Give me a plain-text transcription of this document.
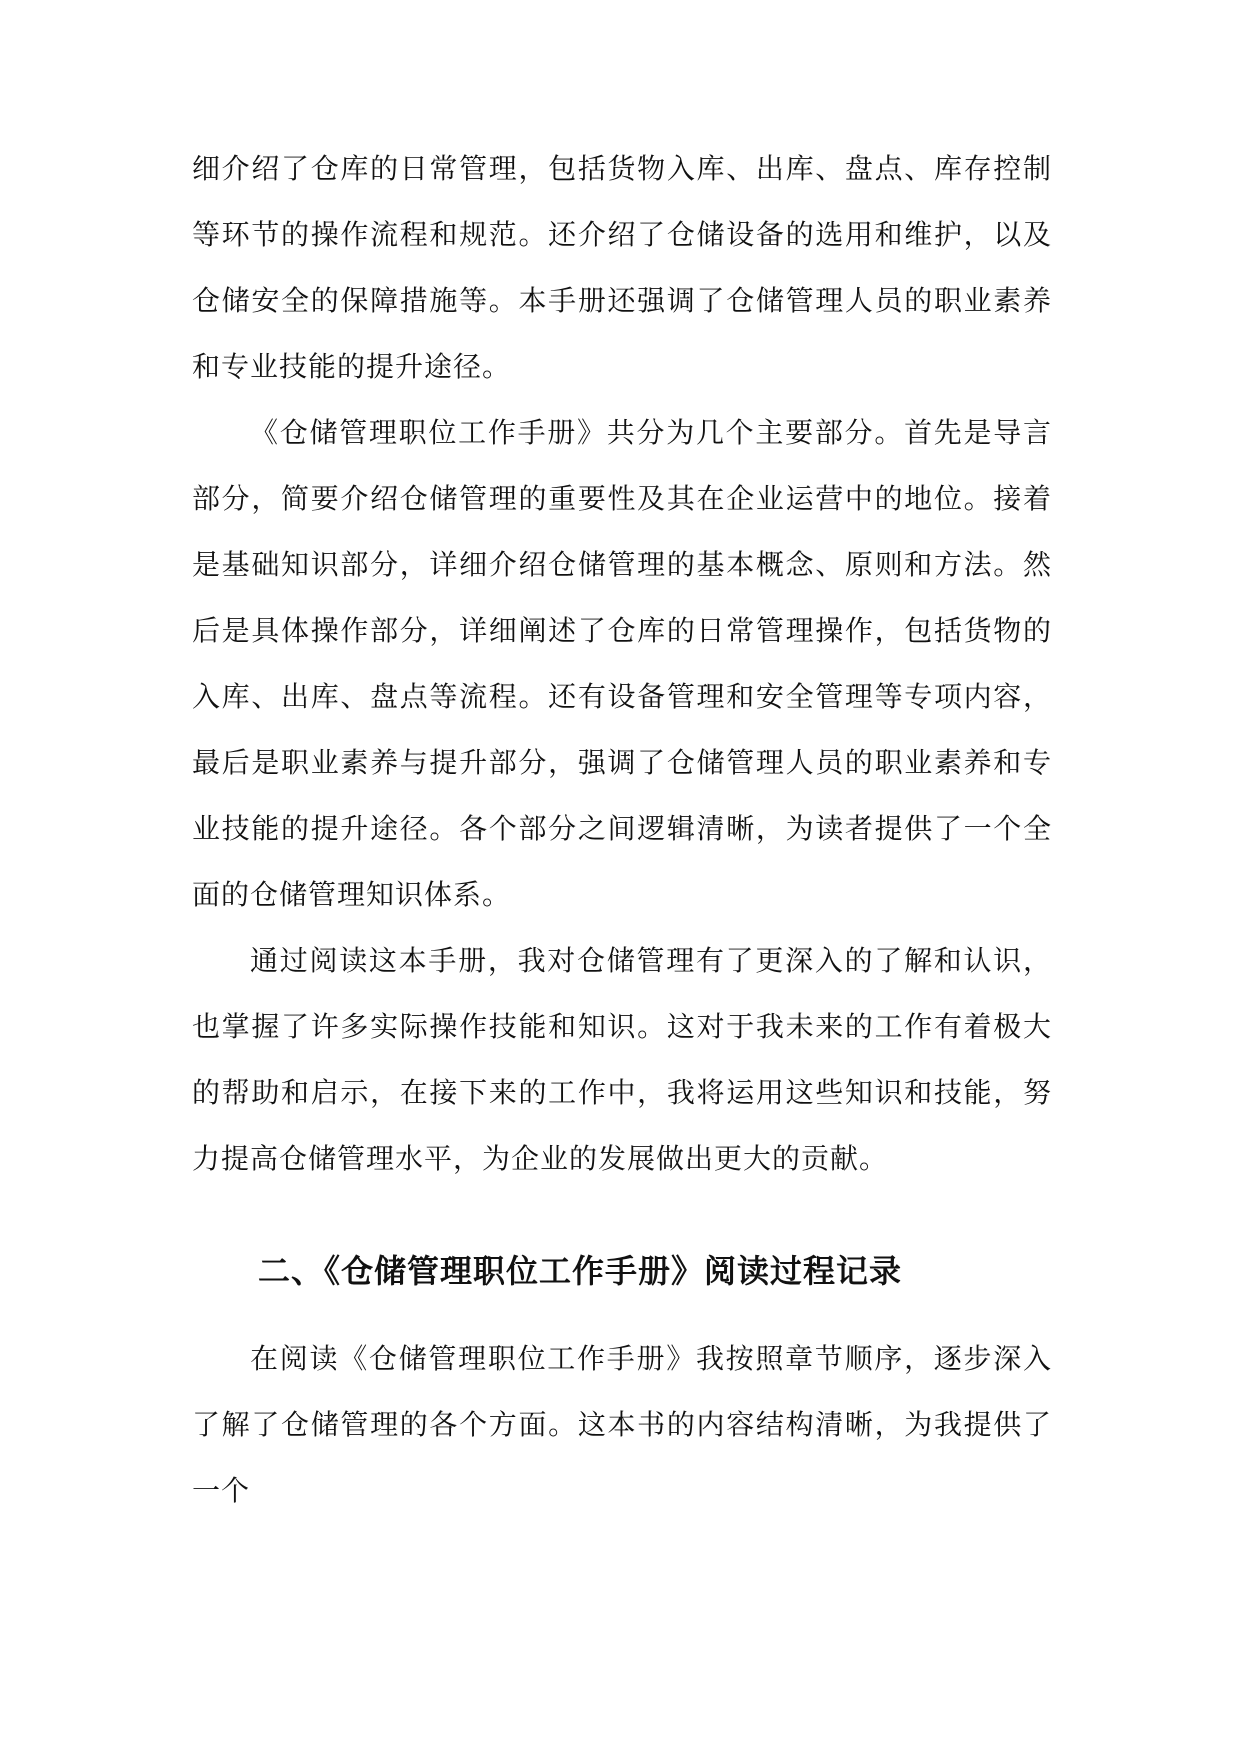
细介绍了仓库的日常管理，包括货物入库、出库、盘点、库存控制等环节的操作流程和规范。还介绍了仓储设备的选用和维护，以及仓储安全的保障措施等。本手册还强调了仓储管理人员的职业素养和专业技能的提升途径。

《仓储管理职位工作手册》共分为几个主要部分。首先是导言部分，简要介绍仓储管理的重要性及其在企业运营中的地位。接着是基础知识部分，详细介绍仓储管理的基本概念、原则和方法。然后是具体操作部分，详细阐述了仓库的日常管理操作，包括货物的入库、出库、盘点等流程。还有设备管理和安全管理等专项内容，最后是职业素养与提升部分，强调了仓储管理人员的职业素养和专业技能的提升途径。各个部分之间逻辑清晰，为读者提供了一个全面的仓储管理知识体系。

通过阅读这本手册，我对仓储管理有了更深入的了解和认识，也掌握了许多实际操作技能和知识。这对于我未来的工作有着极大的帮助和启示，在接下来的工作中，我将运用这些知识和技能，努力提高仓储管理水平，为企业的发展做出更大的贡献。

二、《仓储管理职位工作手册》阅读过程记录

在阅读《仓储管理职位工作手册》我按照章节顺序，逐步深入了解了仓储管理的各个方面。这本书的内容结构清晰，为我提供了一个
